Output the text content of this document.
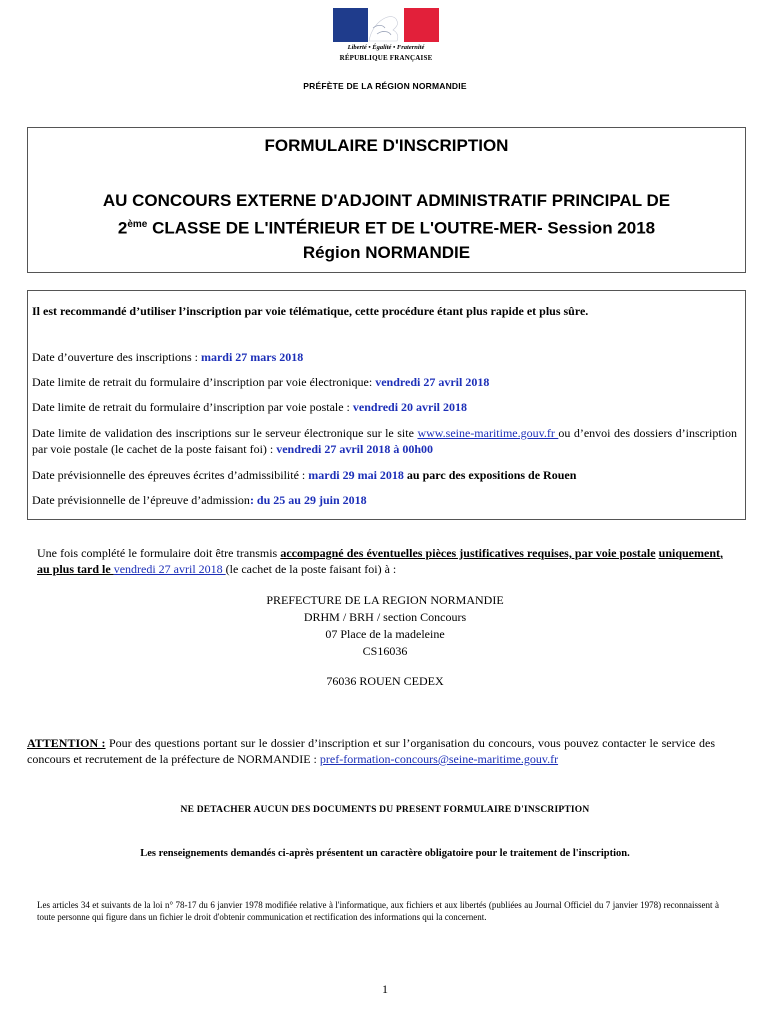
Liberté • Égalité • Fraternité
RÉPUBLIQUE FRANÇAISE
PRÉFÈTE DE LA RÉGION NORMANDIE
FORMULAIRE D'INSCRIPTION
AU CONCOURS EXTERNE D'ADJOINT ADMINISTRATIF PRINCIPAL DE
2ème CLASSE DE L'INTÉRIEUR ET DE L'OUTRE-MER- Session 2018
Région NORMANDIE
Il est recommandé d’utiliser l’inscription par voie télématique, cette procédure étant plus rapide et plus sûre.
Date d’ouverture des inscriptions : mardi 27 mars 2018
Date limite de retrait du formulaire d’inscription par voie électronique: vendredi 27 avril 2018
Date limite de retrait du formulaire d’inscription par voie postale : vendredi 20 avril 2018
Date limite de validation des inscriptions sur le serveur électronique sur le site www.seine-maritime.gouv.fr ou d’envoi des dossiers d’inscription par voie postale (le cachet de la poste faisant foi) : vendredi 27 avril 2018 à 00h00
Date prévisionnelle des épreuves écrites d’admissibilité : mardi 29 mai 2018 au parc des expositions de Rouen
Date prévisionnelle de l’épreuve d’admission: du 25 au 29 juin 2018
Une fois complété le formulaire doit être transmis accompagné des éventuelles pièces justificatives requises, par voie postale uniquement, au plus tard le vendredi 27 avril 2018 (le cachet de la poste faisant foi) à :
PREFECTURE DE LA REGION NORMANDIE
DRHM / BRH / section Concours
07 Place de la madeleine
CS16036
76036 ROUEN CEDEX
ATTENTION : Pour des questions portant sur le dossier d’inscription et sur l’organisation du concours, vous pouvez contacter le service des concours et recrutement de la préfecture de NORMANDIE : pref-formation-concours@seine-maritime.gouv.fr
NE DETACHER AUCUN DES DOCUMENTS DU PRESENT FORMULAIRE D'INSCRIPTION
Les renseignements demandés ci-après présentent un caractère obligatoire pour le traitement de l'inscription.
Les articles 34 et suivants de la loi n° 78-17 du 6 janvier 1978 modifiée relative à l'informatique, aux fichiers et aux libertés (publiées au Journal Officiel du 7 janvier 1978) reconnaissent à toute personne qui figure dans un fichier le droit d'obtenir communication et rectification des informations qui la concernent.
1
